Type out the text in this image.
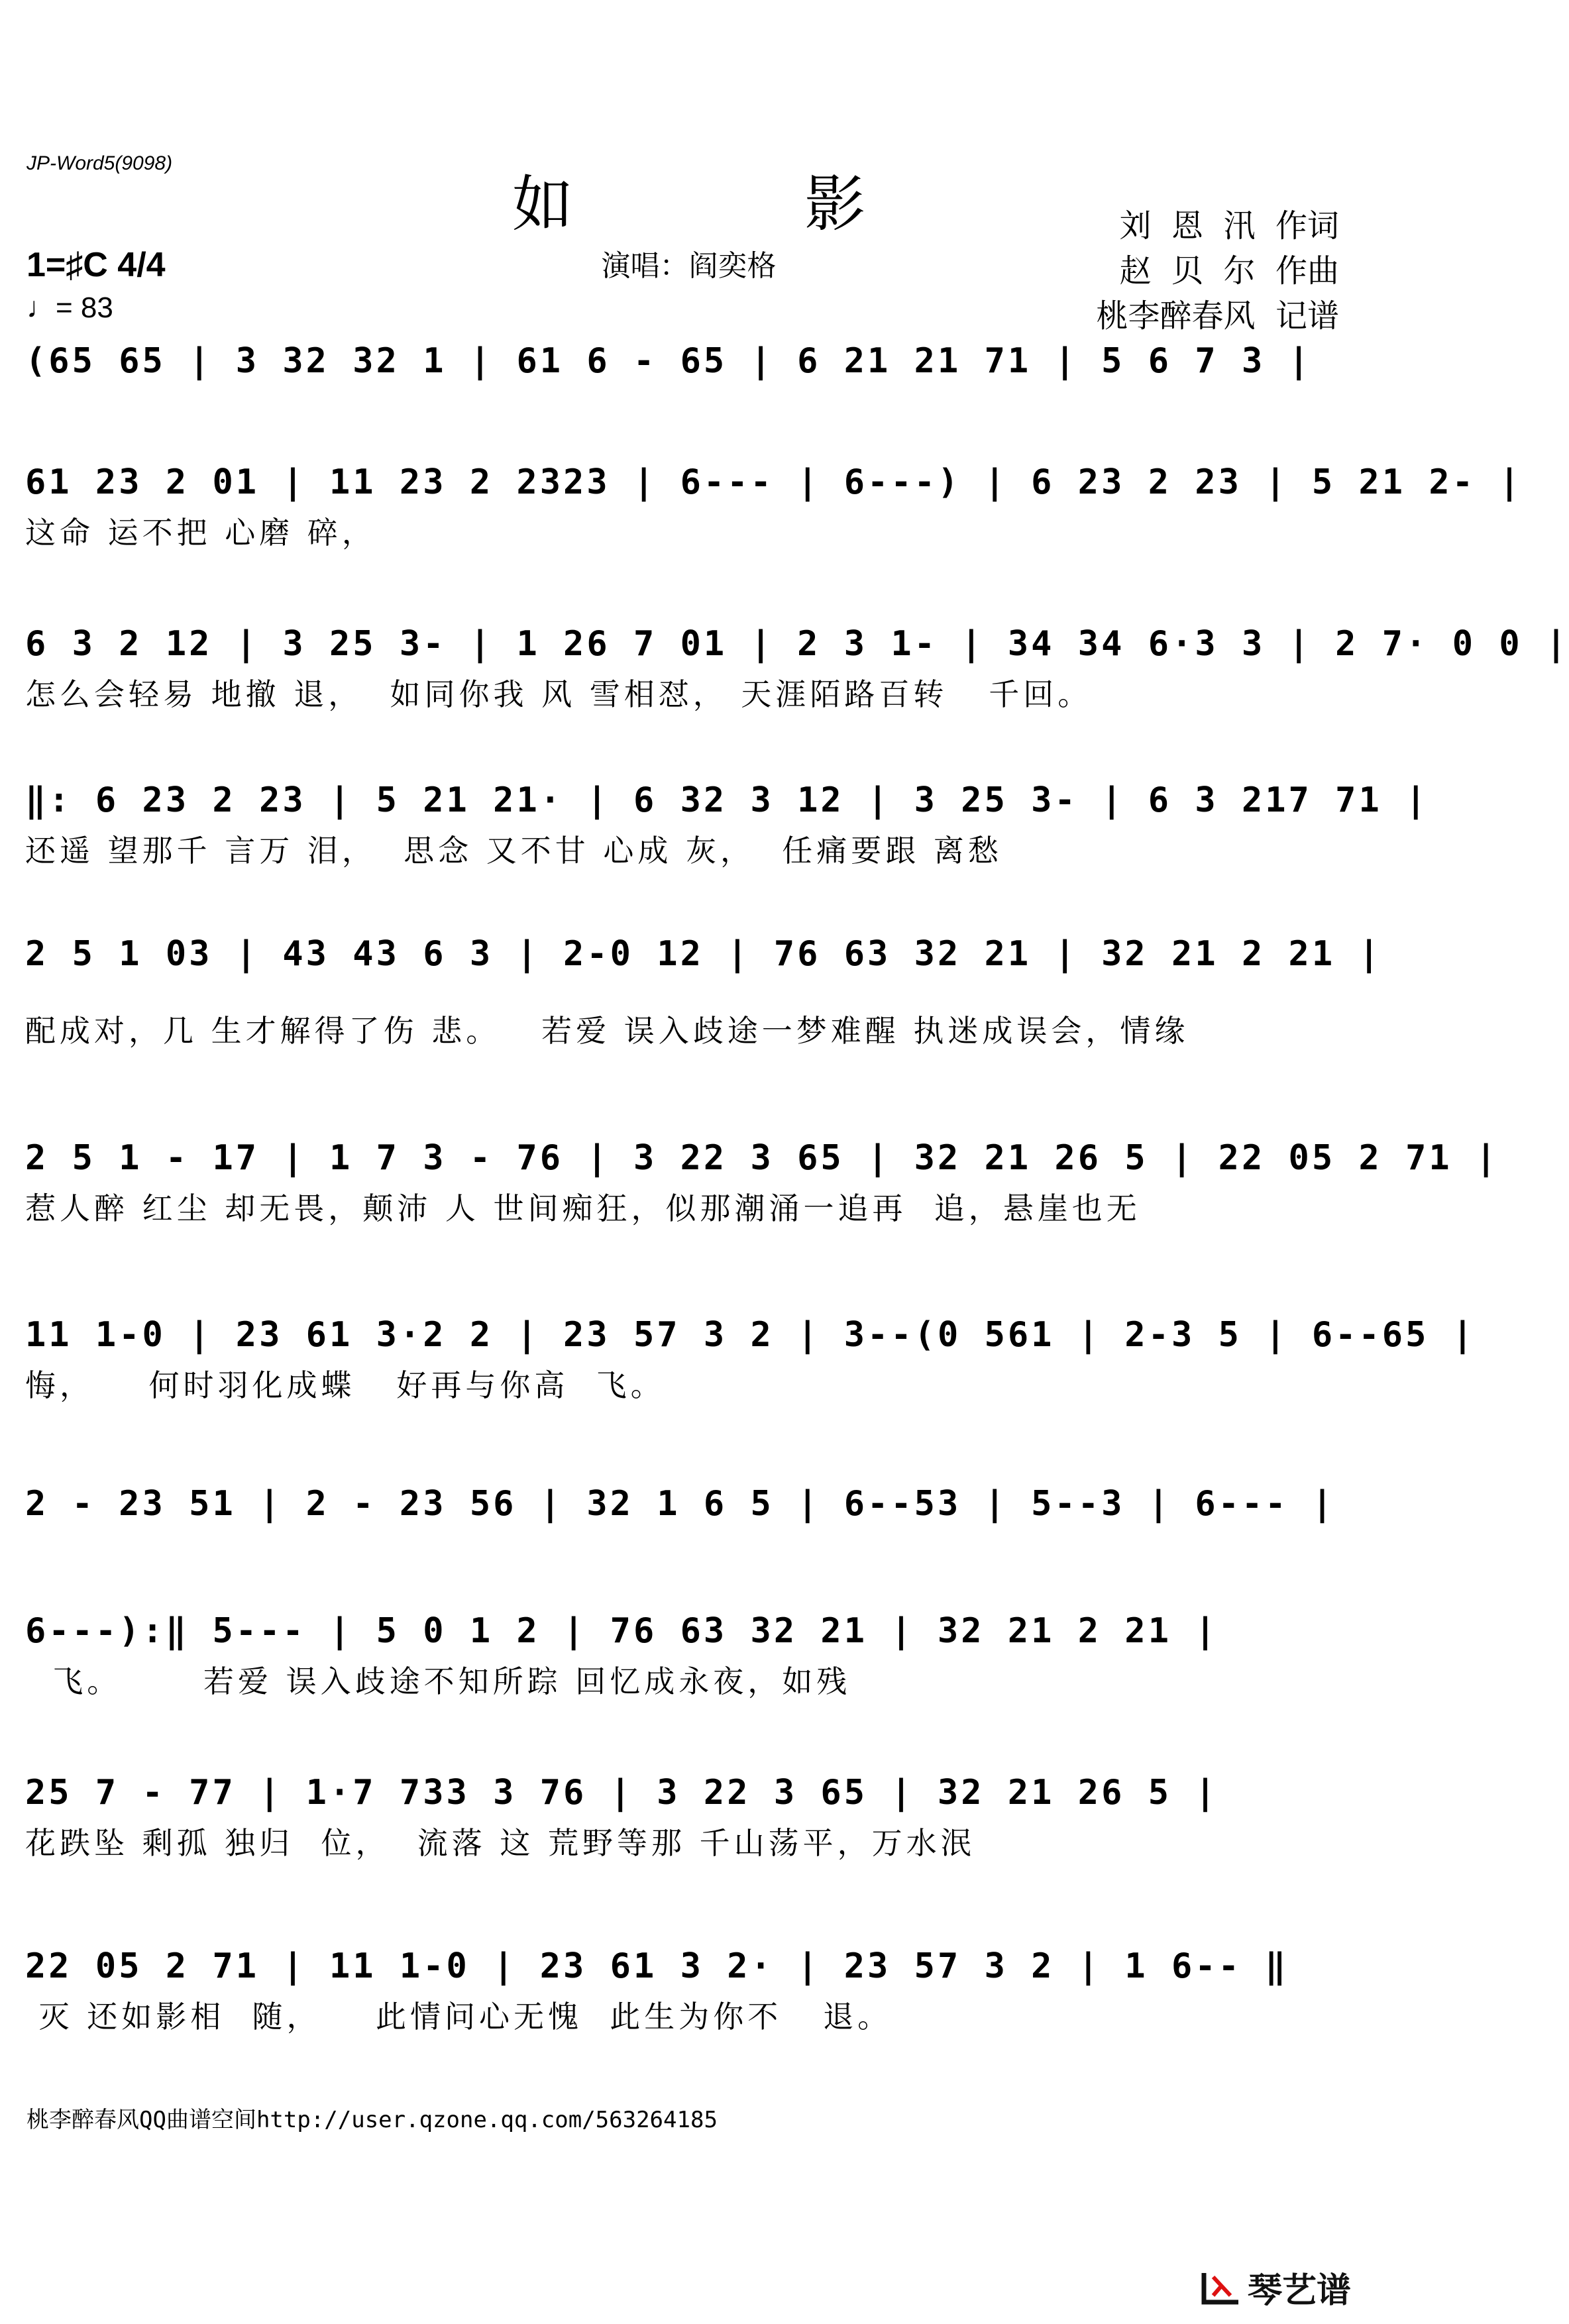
JP-Word5(9098)
如 影
演唱：阎奕格
刘  恩  汛  作词
赵  贝  尔  作曲
桃李醉春风  记谱
1=♯C 4/4
♩= 83
(65 65 | 3 32 32 1 | 61 6 - 65 | 6 21 21 71 | 5 6 7 3 |
61 23 2 01 | 11 23 2 2323 | 6--- | 6---) | 6 23 2 23 | 5 21 2- |
这命 运不把 心磨 碎，
6 3 2 12 | 3 25 3- | 1 26 7 01 | 2 3 1- | 34 34 6·3 3 | 2 7· 0 0 |
怎么会轻易 地撤 退，  如同你我 风 雪相怼， 天涯陌路百转   千回。
‖: 6 23 2 23 | 5 21 21· | 6 32 3 12 | 3 25 3- | 6 3 217 71 |
还遥 望那千 言万 泪，  思念 又不甘 心成 灰，  任痛要跟 离愁
2 5 1 03 | 43 43 6 3 | 2-0 12 | 76 63 32 21 | 32 21 2 21 |
配成对，几 生才解得了伤 悲。   若爱 误入歧途一梦难醒 执迷成误会，情缘
2 5 1 - 17 | 1 7 3 - 76 | 3 22 3 65 | 32 21 26 5 | 22 05 2 71 |
惹人醉 红尘 却无畏，颠沛 人 世间痴狂，似那潮涌一追再  追，悬崖也无
11 1-0 | 23 61 3·2 2 | 23 57 3 2 | 3--(0 561 | 2-3 5 | 6--65 |
悔，    何时羽化成蝶   好再与你高  飞。
2 - 23 51 | 2 - 23 56 | 32 1 6 5 | 6--53 | 5--3 | 6--- |
6---):‖ 5--- | 5 0 1 2 | 76 63 32 21 | 32 21 2 21 |
飞。      若爱 误入歧途不知所踪 回忆成永夜，如残
25 7 - 77 | 1·7 733 3 76 | 3 22 3 65 | 32 21 26 5 |
花跌坠 剩孤 独归  位，  流落 这 荒野等那 千山荡平，万水泯
22 05 2 71 | 11 1-0 | 23 61 3 2· | 23 57 3 2 | 1 6-- ‖
灭 还如影相  随，    此情问心无愧  此生为你不   退。
桃李醉春风QQ曲谱空间http://user.qzone.qq.com/563264185
琴艺谱
